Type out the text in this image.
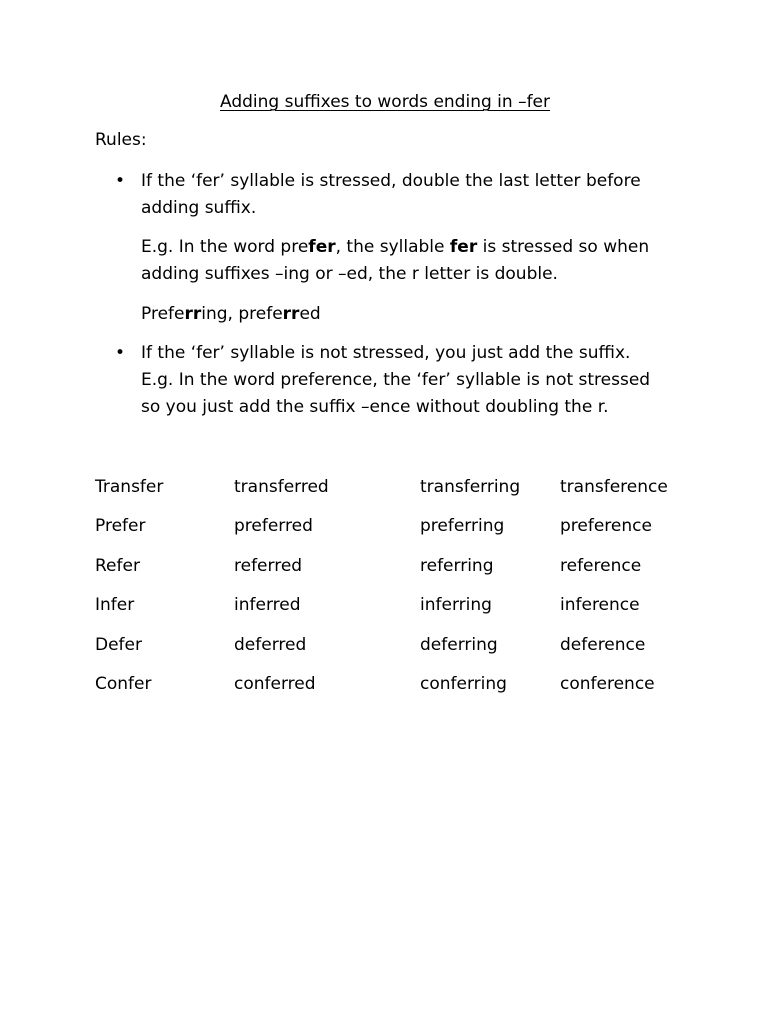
Adding suffixes to words ending in –fer
Rules:
• If the ‘fer’ syllable is stressed, double the last letter before
adding suffix.
E.g. In the word prefer, the syllable fer is stressed so when
adding suffixes –ing or –ed, the r letter is double.
Preferring, preferred
• If the ‘fer’ syllable is not stressed, you just add the suffix.
E.g. In the word preference, the ‘fer’ syllable is not stressed
so you just add the suffix –ence without doubling the r.
Transfer	transferred	transferring	transference
Prefer	preferred	preferring	preference
Refer	referred	referring	reference
Infer	inferred	inferring	inference
Defer	deferred	deferring	deference
Confer	conferred	conferring	conference
